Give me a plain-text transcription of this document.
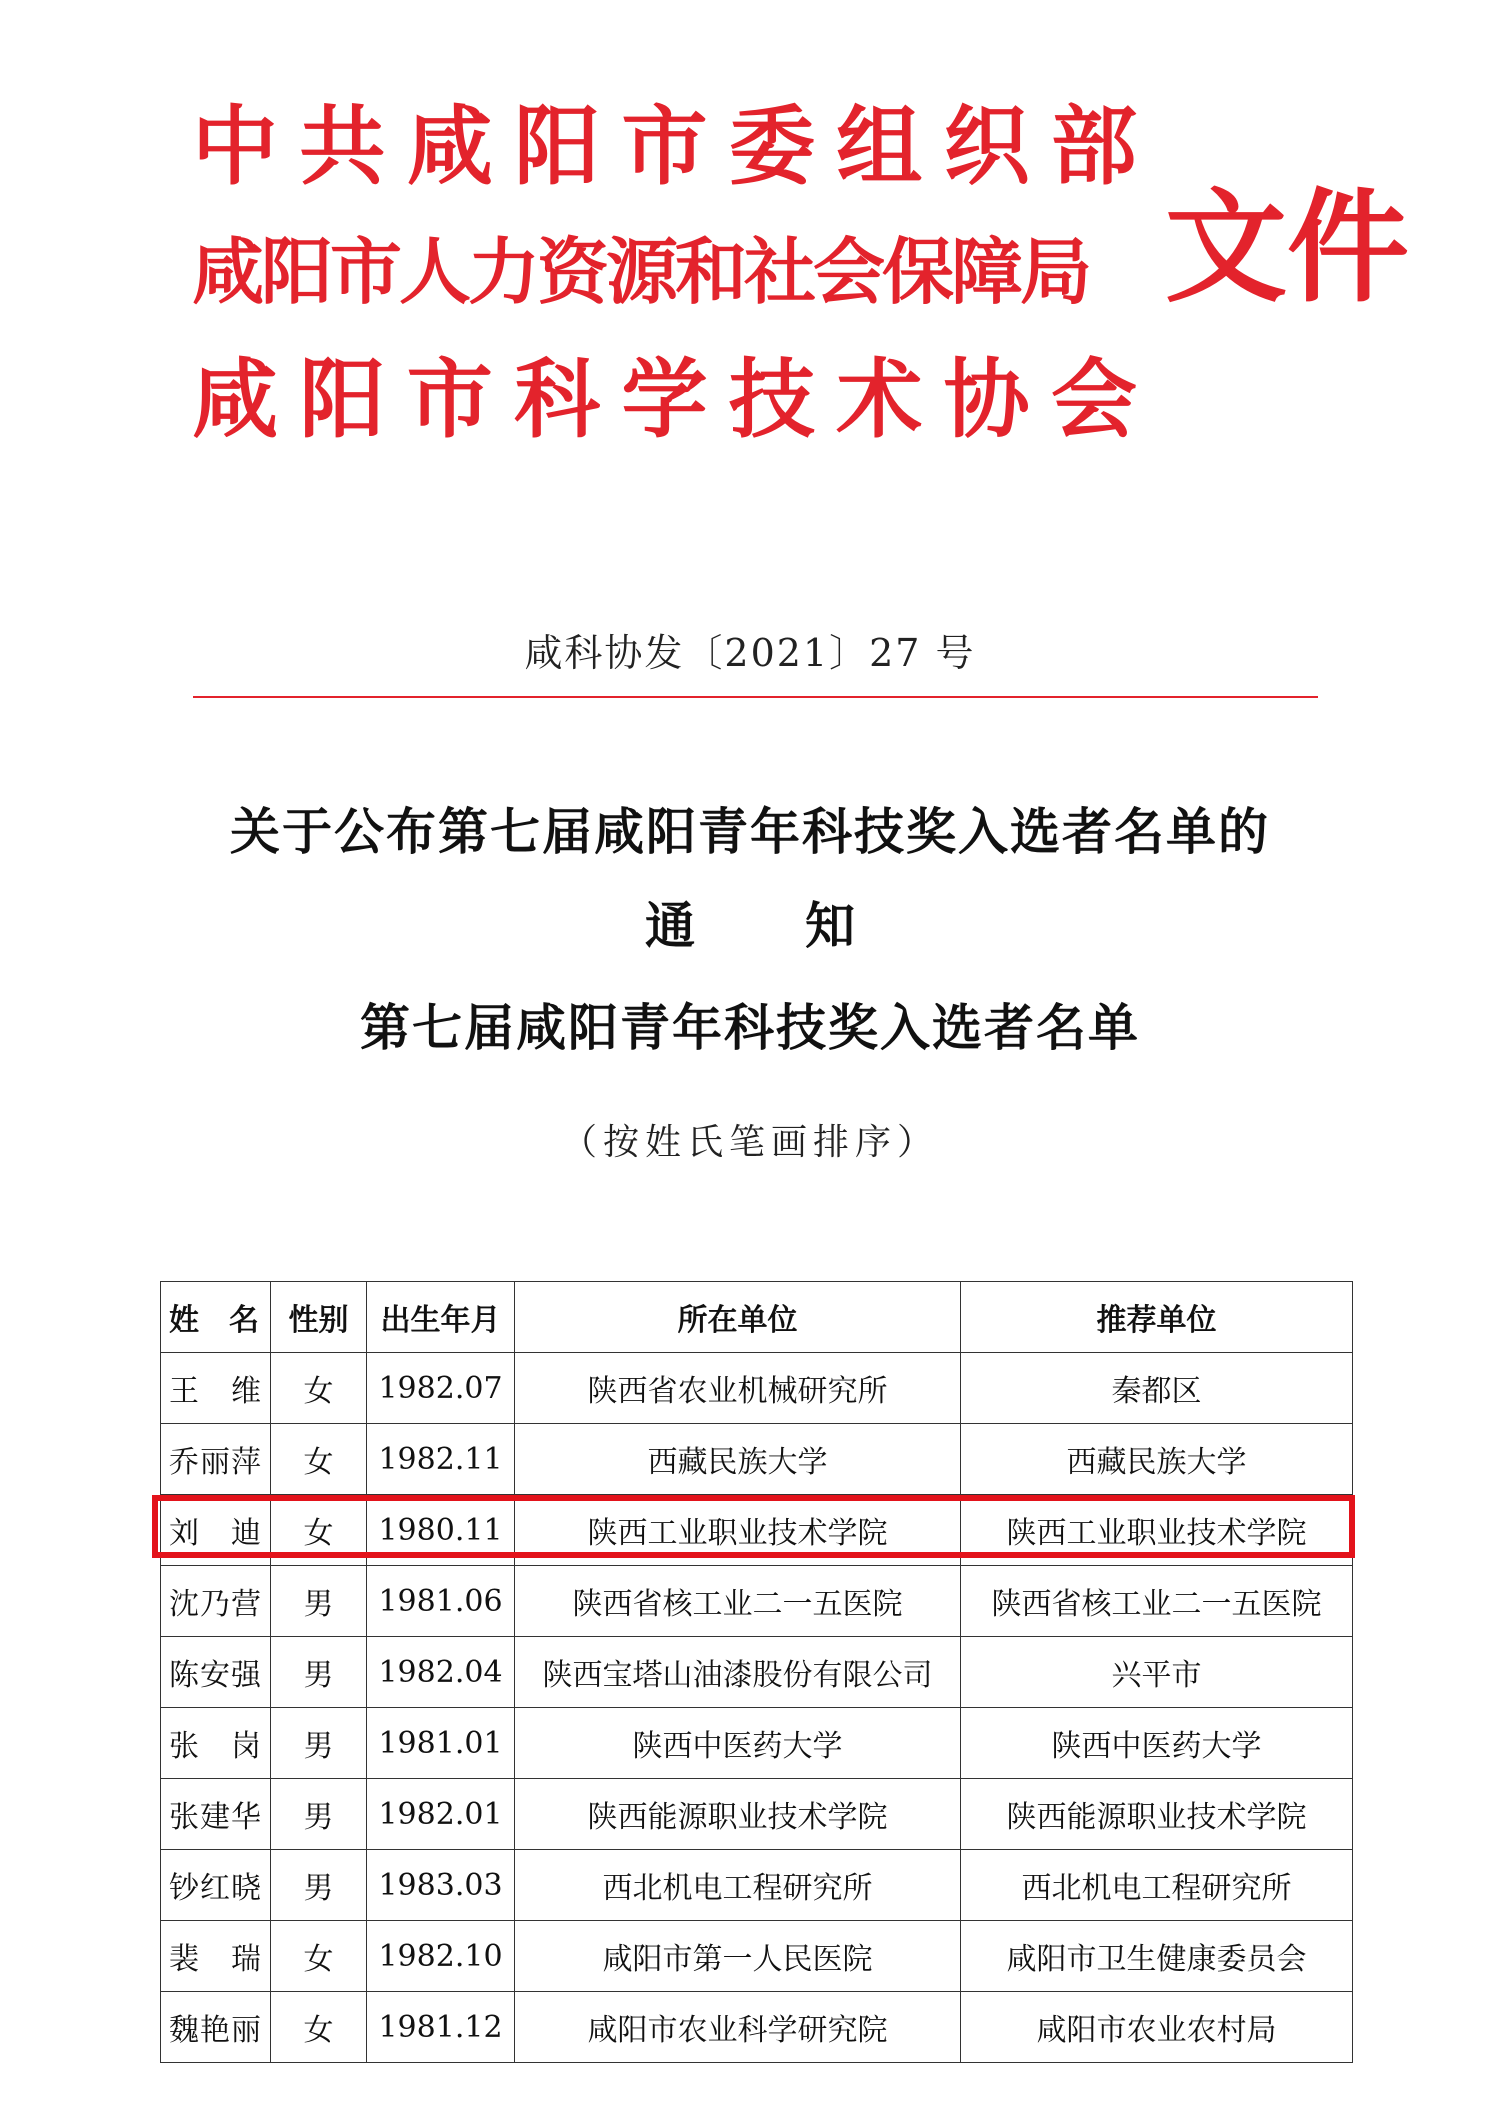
中 共 咸 阳 市 委 组 织 部
咸阳市人力资源和社会保障局
咸 阳 市 科 学 技 术 协 会
文件
咸科协发〔2021〕27 号
关于公布第七届咸阳青年科技奖入选者名单的
通 知
第七届咸阳青年科技奖入选者名单
（按姓氏笔画排序）
姓　名	性别	出生年月	所在单位	推荐单位
王　维	女	1982.07	陕西省农业机械研究所	秦都区
乔丽萍	女	1982.11	西藏民族大学	西藏民族大学
刘　迪	女	1980.11	陕西工业职业技术学院	陕西工业职业技术学院
沈乃营	男	1981.06	陕西省核工业二一五医院	陕西省核工业二一五医院
陈安强	男	1982.04	陕西宝塔山油漆股份有限公司	兴平市
张　岗	男	1981.01	陕西中医药大学	陕西中医药大学
张建华	男	1982.01	陕西能源职业技术学院	陕西能源职业技术学院
钞红晓	男	1983.03	西北机电工程研究所	西北机电工程研究所
裴　瑞	女	1982.10	咸阳市第一人民医院	咸阳市卫生健康委员会
魏艳丽	女	1981.12	咸阳市农业科学研究院	咸阳市农业农村局
